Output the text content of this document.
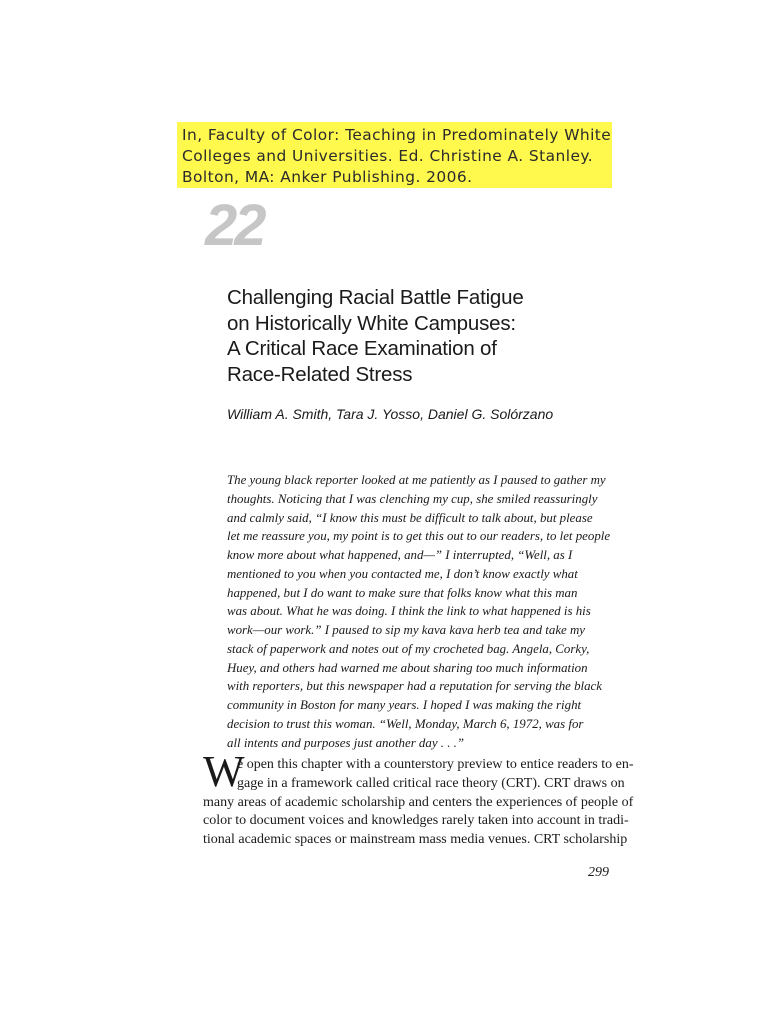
In, Faculty of Color: Teaching in Predominately White
Colleges and Universities. Ed. Christine A. Stanley.
Bolton, MA: Anker Publishing. 2006.
22
Challenging Racial Battle Fatigue
on Historically White Campuses:
A Critical Race Examination of
Race-Related Stress
William A. Smith, Tara J. Yosso, Daniel G. Solórzano
The young black reporter looked at me patiently as I paused to gather my
thoughts. Noticing that I was clenching my cup, she smiled reassuringly
and calmly said, “I know this must be difficult to talk about, but please
let me reassure you, my point is to get this out to our readers, to let people
know more about what happened, and—” I interrupted, “Well, as I
mentioned to you when you contacted me, I don’t know exactly what
happened, but I do want to make sure that folks know what this man
was about. What he was doing. I think the link to what happened is his
work—our work.” I paused to sip my kava kava herb tea and take my
stack of paperwork and notes out of my crocheted bag. Angela, Corky,
Huey, and others had warned me about sharing too much information
with reporters, but this newspaper had a reputation for serving the black
community in Boston for many years. I hoped I was making the right
decision to trust this woman. “Well, Monday, March 6, 1972, was for
all intents and purposes just another day . . .”
W
e open this chapter with a counterstory preview to entice readers to en-
gage in a framework called critical race theory (CRT). CRT draws on
many areas of academic scholarship and centers the experiences of people of
color to document voices and knowledges rarely taken into account in tradi-
tional academic spaces or mainstream mass media venues. CRT scholarship
299
